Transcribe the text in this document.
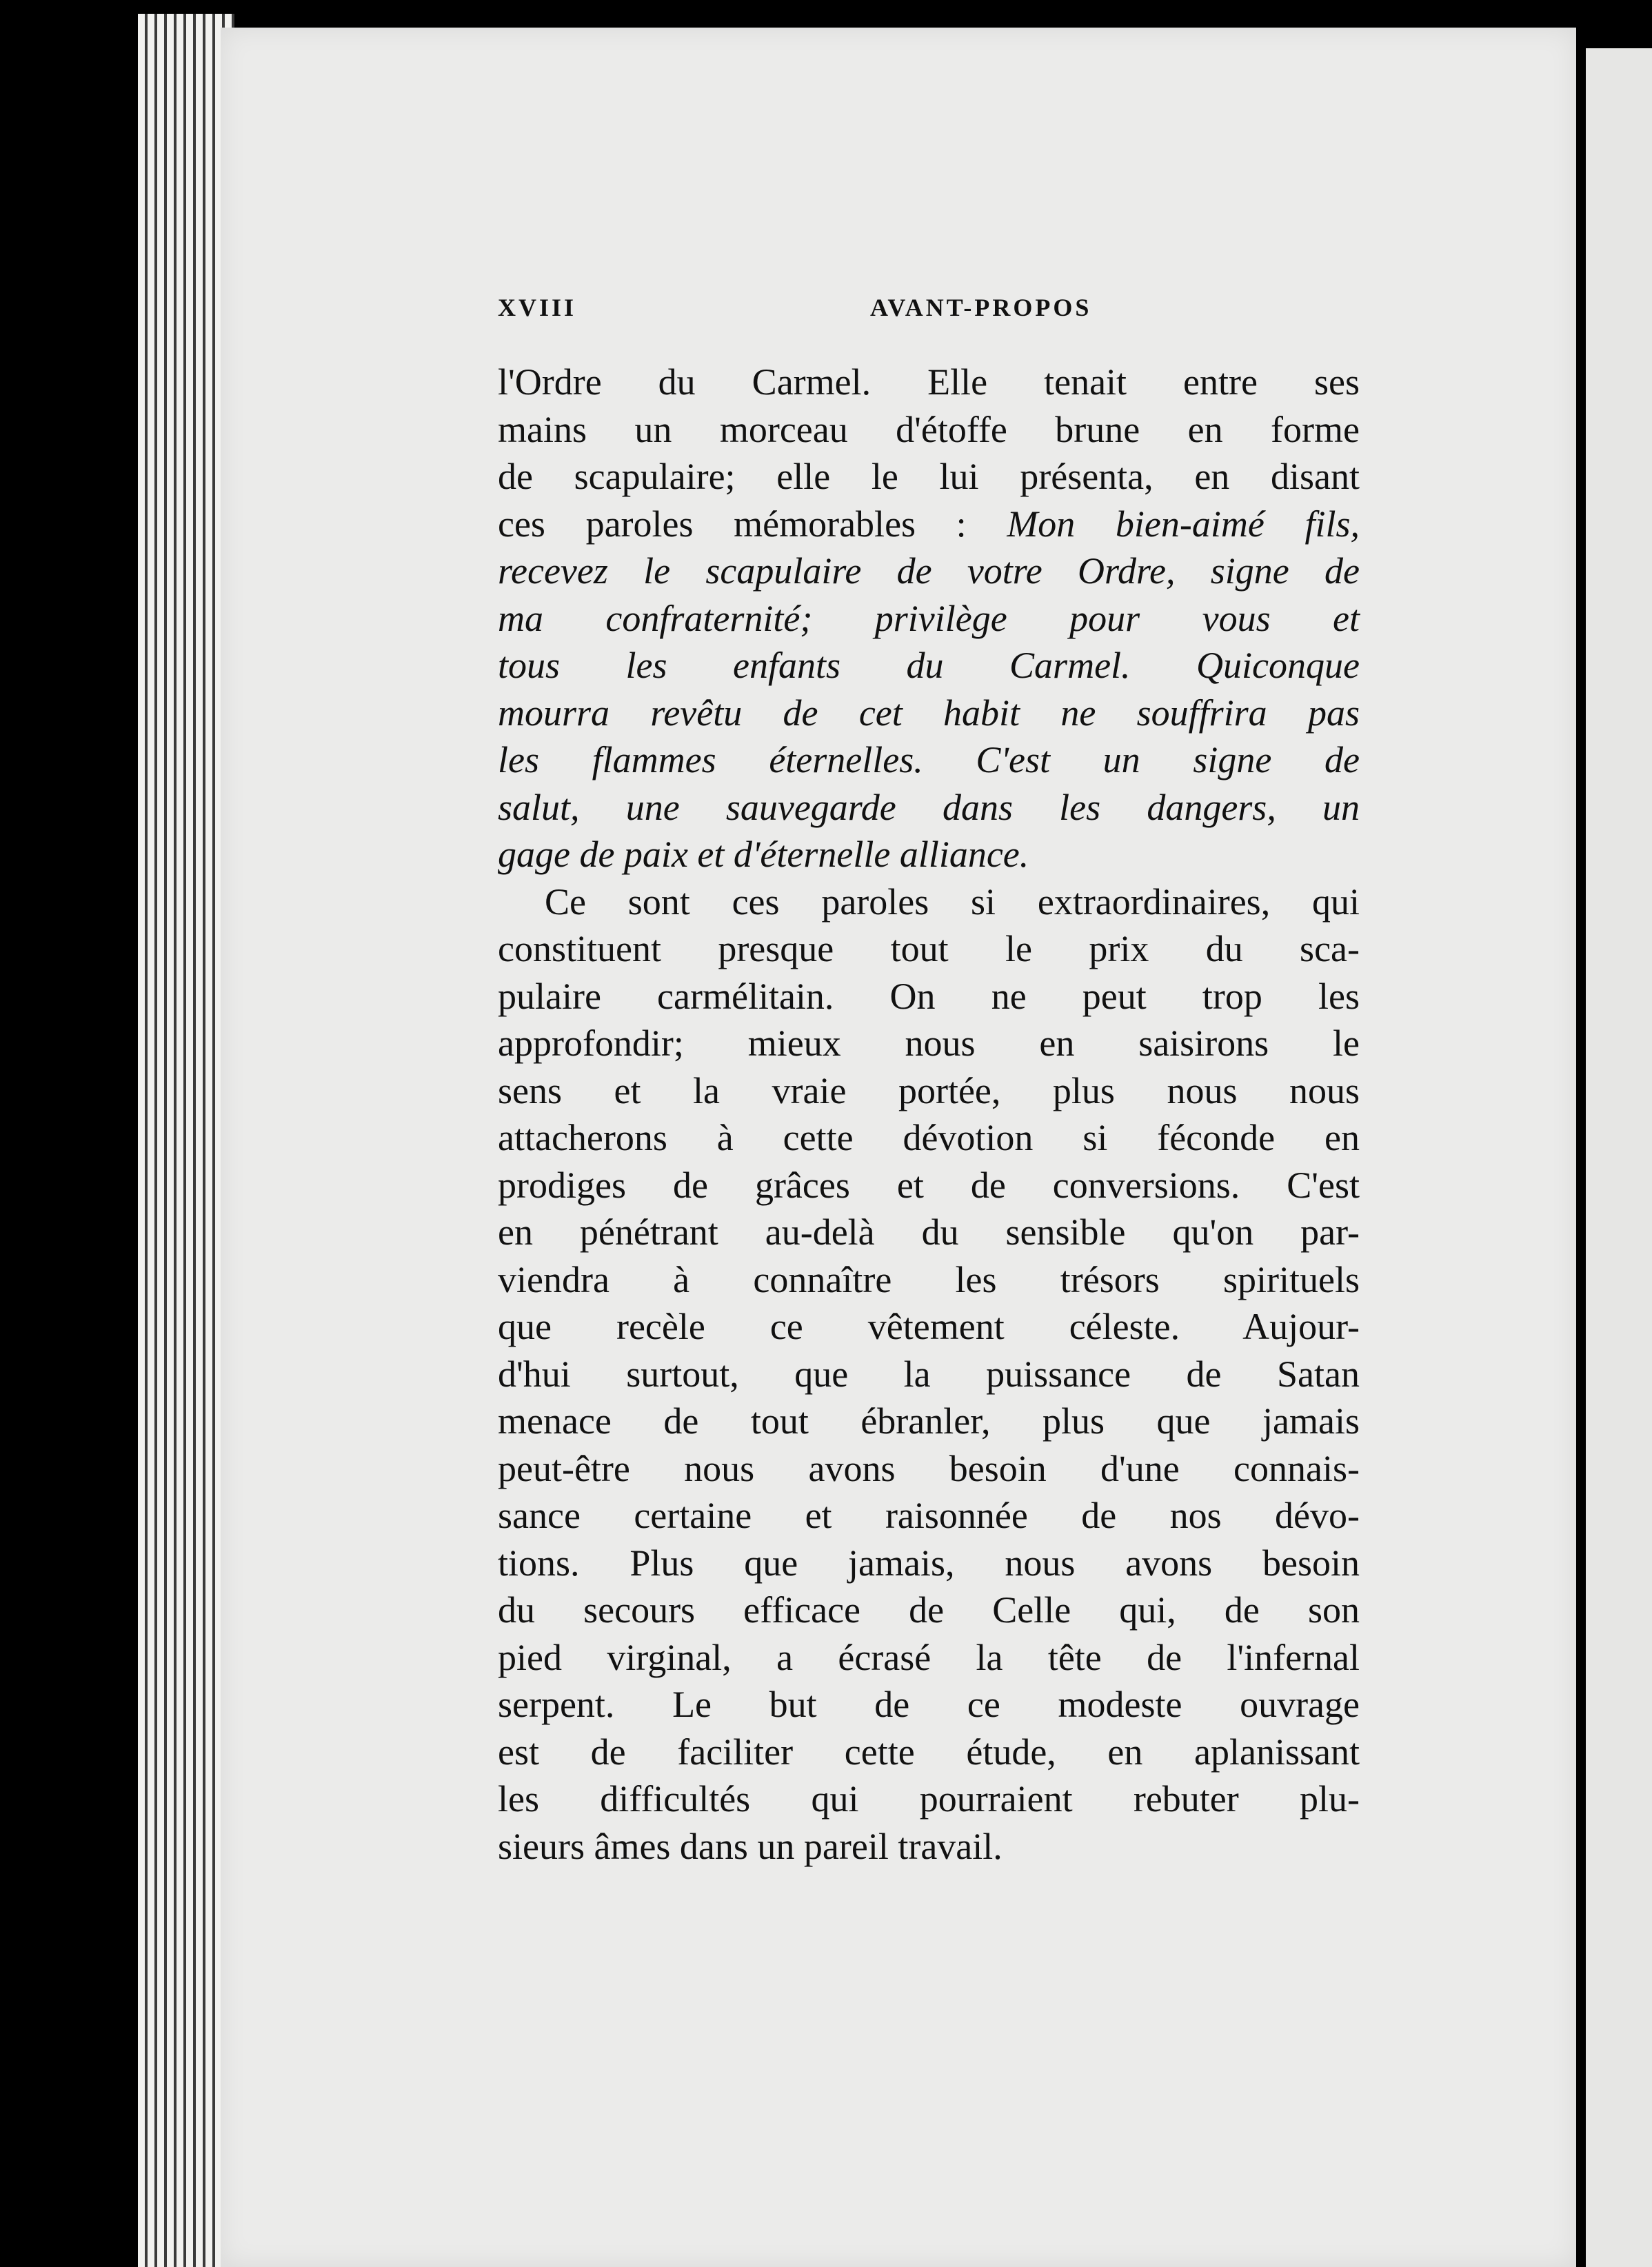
XVIII	AVANT-PROPOS
l'Ordre du Carmel. Elle tenait entre ses
mains un morceau d'étoffe brune en forme
de scapulaire; elle le lui présenta, en disant
ces paroles mémorables : Mon bien-aimé fils,
recevez le scapulaire de votre Ordre, signe de
ma confraternité; privilège pour vous et
tous les enfants du Carmel. Quiconque
mourra revêtu de cet habit ne souffrira pas
les flammes éternelles. C'est un signe de
salut, une sauvegarde dans les dangers, un
gage de paix et d'éternelle alliance.
Ce sont ces paroles si extraordinaires, qui
constituent presque tout le prix du sca-
pulaire carmélitain. On ne peut trop les
approfondir; mieux nous en saisirons le
sens et la vraie portée, plus nous nous
attacherons à cette dévotion si féconde en
prodiges de grâces et de conversions. C'est
en pénétrant au-delà du sensible qu'on par-
viendra à connaître les trésors spirituels
que recèle ce vêtement céleste. Aujour-
d'hui surtout, que la puissance de Satan
menace de tout ébranler, plus que jamais
peut-être nous avons besoin d'une connais-
sance certaine et raisonnée de nos dévo-
tions. Plus que jamais, nous avons besoin
du secours efficace de Celle qui, de son
pied virginal, a écrasé la tête de l'infernal
serpent. Le but de ce modeste ouvrage
est de faciliter cette étude, en aplanissant
les difficultés qui pourraient rebuter plu-
sieurs âmes dans un pareil travail.
